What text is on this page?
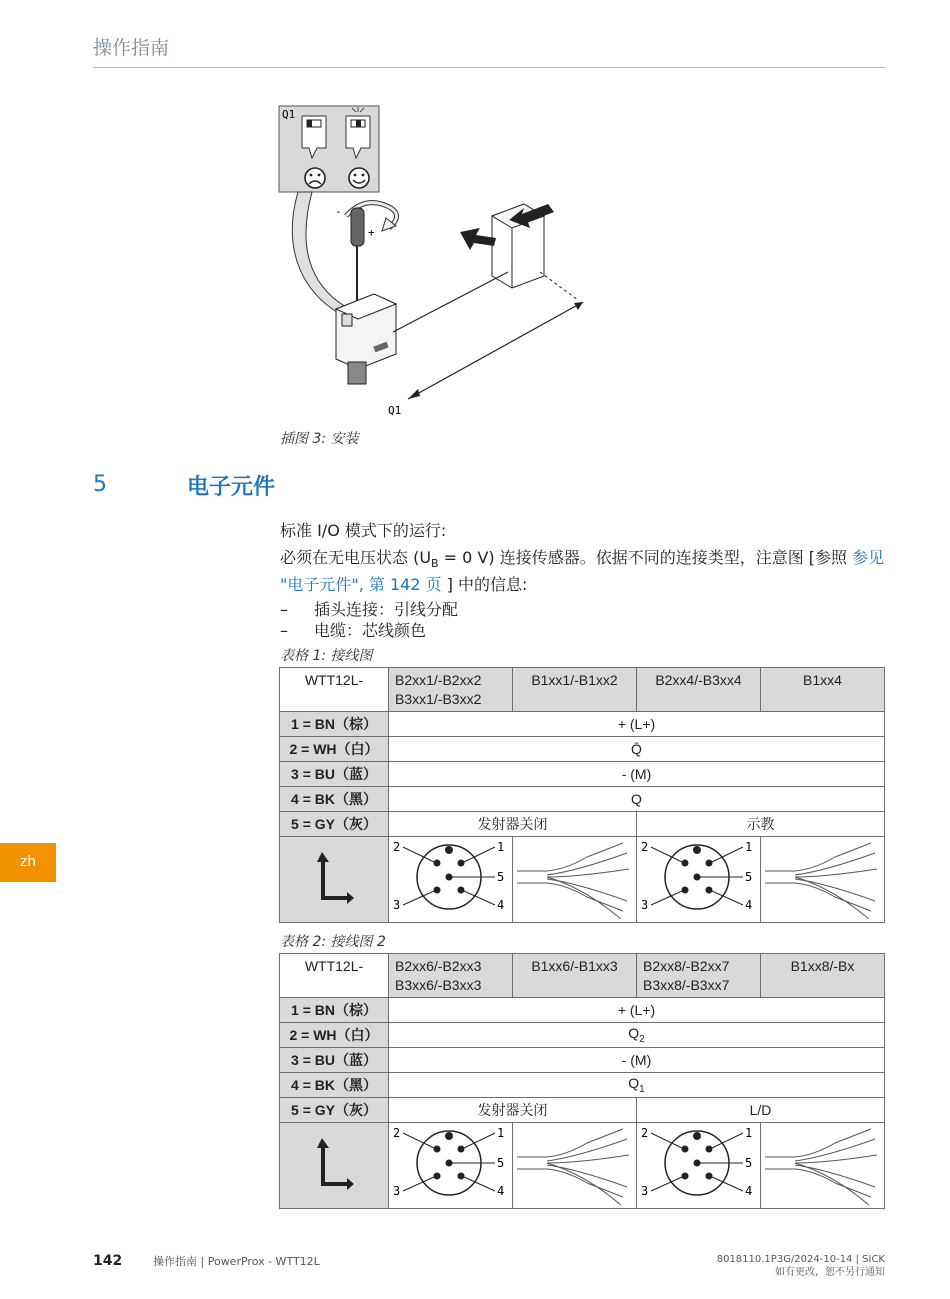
操作指南
Q1
-
+
Q1
插图 3: 安装
5	电子元件
标准 I/O 模式下的运行:
必须在无电压状态 ($U_B = 0$ V) 连接传感器。依据不同的连接类型，注意图 [参照 参见 "电子元件", 第 142 页 ] 中的信息:
– 插头连接：引线分配
– 电缆：芯线颜色
表格 1: 接线图
WTT12L-	B2xx1/-B2xx2
B3xx1/-B3xx2	B1xx1/-B1xx2	B2xx4/-B3xx4	B1xx4
1 = BN（棕）	+ (L+)			
2 = WH（白）	Q̄			
3 = BU（蓝）	- (M)			
4 = BK（黑）	Q			
5 = GY（灰）	发射器关闭		示教	

2 1
5
3 4		2 1
5
3 4

表格 2: 接线图 2
WTT12L-	B2xx6/-B2xx3
B3xx6/-B3xx3	B1xx6/-B1xx3	B2xx8/-B2xx7
B3xx8/-B3xx7	B1xx8/-Bx
1 = BN（棕）	+ (L+)			
2 = WH（白）	$Q_2$
3 = BU（蓝）	- (M)			
4 = BK（黑）	$Q_1$
5 = GY（灰）	发射器关闭		L/D	

2 1
5
3 4		2 1
5
3 4

zh
142	操作指南 | PowerProx - WTT12L	8018110.1P3G/2024-10-14 | SICK
如有更改，恕不另行通知
